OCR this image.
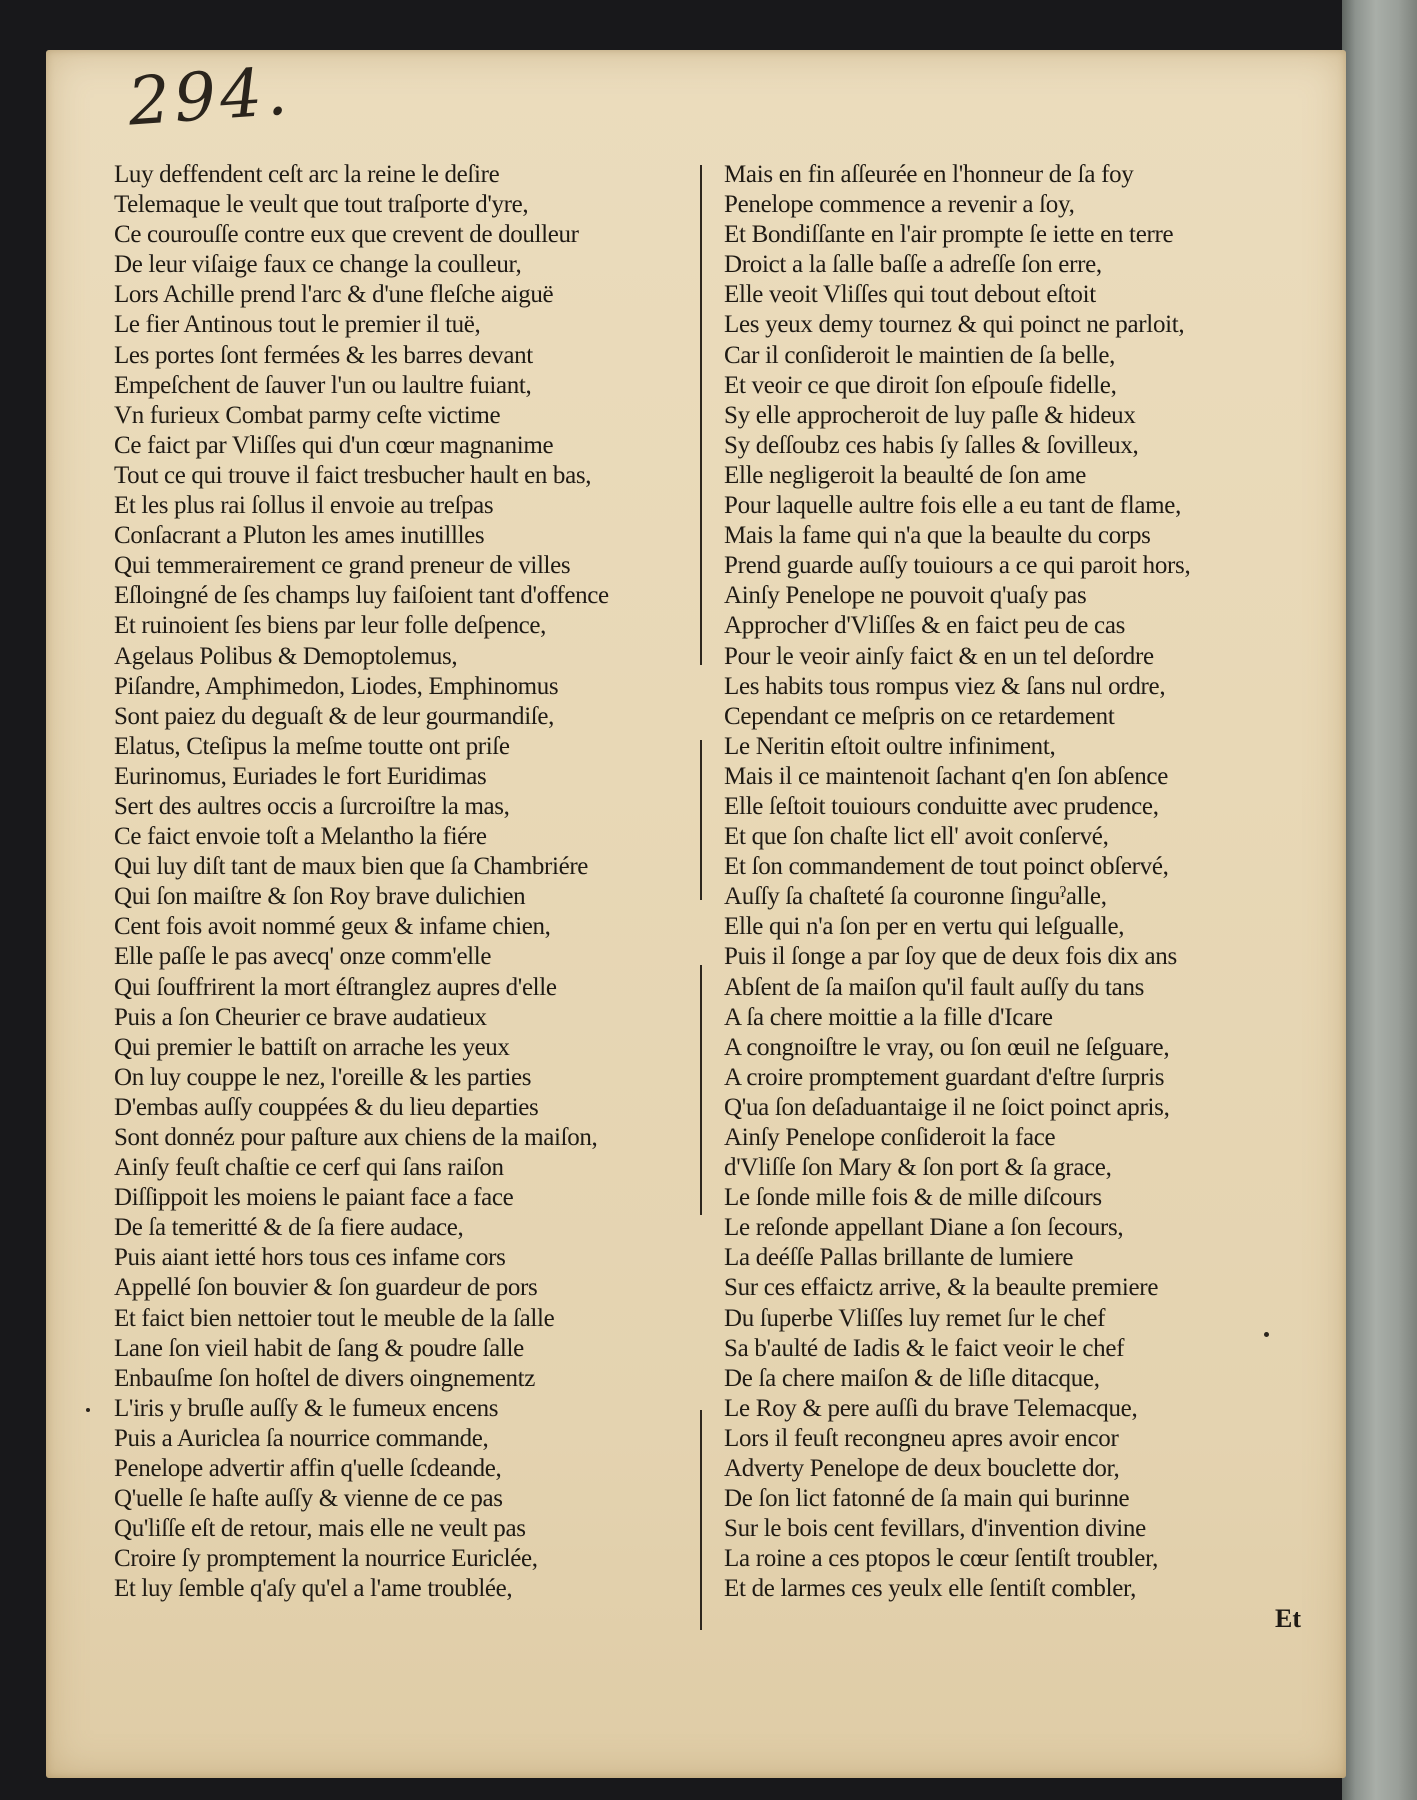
294.
Luy deffendent ceſt arc la reine le deſire
Telemaque le veult que tout traſporte d'yre,
Ce courouſſe contre eux que crevent de doulleur
De leur viſaige faux ce change la coulleur,
Lors Achille prend l'arc & d'une fleſche aiguë
Le fier Antinous tout le premier il tuë,
Les portes ſont fermées & les barres devant
Empeſchent de ſauver l'un ou laultre fuiant,
Vn furieux Combat parmy ceſte victime
Ce faict par Vliſſes qui d'un cœur magnanime
Tout ce qui trouve il faict tresbucher hault en bas,
Et les plus rai ſollus il envoie au treſpas
Conſacrant a Pluton les ames inutillles
Qui temmerairement ce grand preneur de villes
Eſloingné de ſes champs luy faiſoient tant d'offence
Et ruinoient ſes biens par leur folle deſpence,
Agelaus Polibus & Demoptolemus,
Piſandre, Amphimedon, Liodes, Emphinomus
Sont paiez du deguaſt & de leur gourmandiſe,
Elatus, Cteſipus la meſme toutte ont priſe
Eurinomus, Euriades le fort Euridimas
Sert des aultres occis a ſurcroiſtre la mas,
Ce faict envoie toſt a Melantho la fiére
Qui luy diſt tant de maux bien que ſa Chambriére
Qui ſon maiſtre & ſon Roy brave dulichien
Cent fois avoit nommé geux & infame chien,
Elle paſſe le pas avecq' onze comm'elle
Qui ſouffrirent la mort éſtranglez aupres d'elle
Puis a ſon Cheurier ce brave audatieux
Qui premier le battiſt on arrache les yeux
On luy couppe le nez, l'oreille & les parties
D'embas auſſy couppées & du lieu departies
Sont donnéz pour paſture aux chiens de la maiſon,
Ainſy feuſt chaſtie ce cerf qui ſans raiſon
Diſſippoit les moiens le paiant face a face
De ſa temeritté & de ſa fiere audace,
Puis aiant ietté hors tous ces infame cors
Appellé ſon bouvier & ſon guardeur de pors
Et faict bien nettoier tout le meuble de la ſalle
Lane ſon vieil habit de ſang & poudre ſalle
Enbauſme ſon hoſtel de divers oingnementz
L'iris y bruſle auſſy & le fumeux encens
Puis a Auriclea ſa nourrice commande,
Penelope advertir affin q'uelle ſcdeande,
Q'uelle ſe haſte auſſy & vienne de ce pas
Qu'liſſe eſt de retour, mais elle ne veult pas
Croire ſy promptement la nourrice Euriclée,
Et luy ſemble q'aſy qu'el a l'ame troublée,
Mais en fin aſſeurée en l'honneur de ſa foy
Penelope commence a revenir a ſoy,
Et Bondiſſante en l'air prompte ſe iette en terre
Droict a la ſalle baſſe a adreſſe ſon erre,
Elle veoit Vliſſes qui tout debout eſtoit
Les yeux demy tournez & qui poinct ne parloit,
Car il conſideroit le maintien de ſa belle,
Et veoir ce que diroit ſon eſpouſe fidelle,
Sy elle approcheroit de luy paſle & hideux
Sy deſſoubz ces habis ſy ſalles & ſovilleux,
Elle negligeroit la beaulté de ſon ame
Pour laquelle aultre fois elle a eu tant de flame,
Mais la fame qui n'a que la beaulte du corps
Prend guarde auſſy touiours a ce qui paroit hors,
Ainſy Penelope ne pouvoit q'uaſy pas
Approcher d'Vliſſes & en faict peu de cas
Pour le veoir ainſy faict & en un tel deſordre
Les habits tous rompus viez & ſans nul ordre,
Cependant ce meſpris on ce retardement
Le Neritin eſtoit oultre infiniment,
Mais il ce maintenoit ſachant q'en ſon abſence
Elle ſeſtoit touiours conduitte avec prudence,
Et que ſon chaſte lict ell' avoit conſervé,
Et ſon commandement de tout poinct obſervé,
Auſſy ſa chaſteté ſa couronne ſinguˀalle,
Elle qui n'a ſon per en vertu qui leſgualle,
Puis il ſonge a par ſoy que de deux fois dix ans
Abſent de ſa maiſon qu'il fault auſſy du tans
A ſa chere moittie a la fille d'Icare
A congnoiſtre le vray, ou ſon œuil ne ſeſguare,
A croire promptement guardant d'eſtre ſurpris
Q'ua ſon deſaduantaige il ne ſoict poinct apris,
Ainſy Penelope conſideroit la face
d'Vliſſe ſon Mary & ſon port & ſa grace,
Le ſonde mille fois & de mille diſcours
Le reſonde appellant Diane a ſon ſecours,
La deéſſe Pallas brillante de lumiere
Sur ces effaictz arrive, & la beaulte premiere
Du ſuperbe Vliſſes luy remet ſur le chef
Sa b'aulté de Iadis & le faict veoir le chef
De ſa chere maiſon & de liſle ditacque,
Le Roy & pere auſſi du brave Telemacque,
Lors il feuſt recongneu apres avoir encor
Adverty Penelope de deux bouclette dor,
De ſon lict fatonné de ſa main qui burinne
Sur le bois cent fevillars, d'invention divine
La roine a ces ptopos le cœur ſentiſt troubler,
Et de larmes ces yeulx elle ſentiſt combler,
Et
